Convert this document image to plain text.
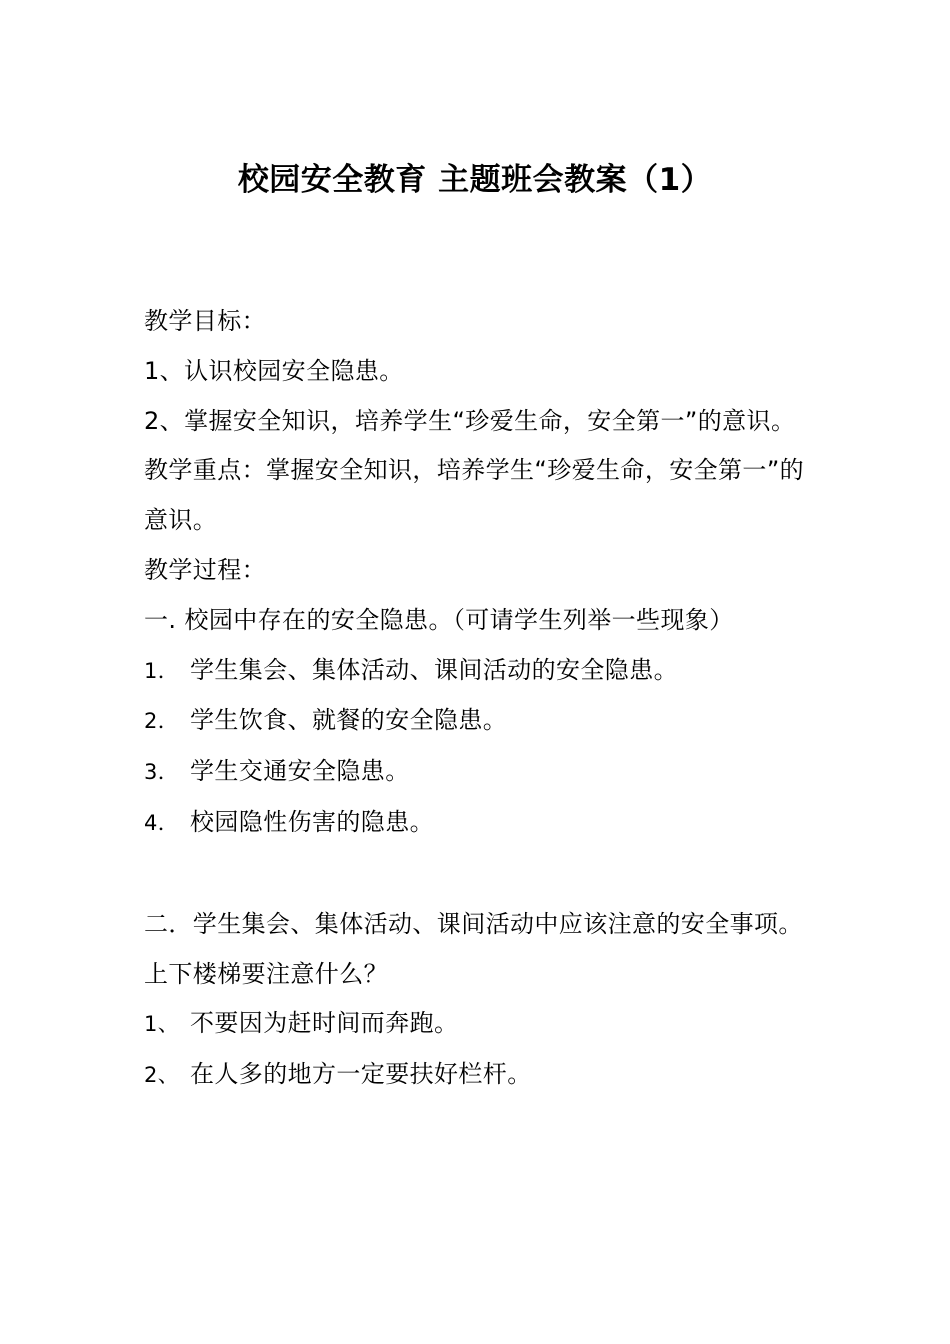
校园安全教育 主题班会教案（1）
教学目标：
1、认识校园安全隐患。
2、掌握安全知识，培养学生“珍爱生命，安全第一”的意识。
教学重点：掌握安全知识，培养学生“珍爱生命，安全第一”的意识。
教学过程：
一. 校园中存在的安全隐患。（可请学生列举一些现象）
1． 学生集会、集体活动、课间活动的安全隐患。
2． 学生饮食、就餐的安全隐患。
3． 学生交通安全隐患。
4． 校园隐性伤害的隐患。
二．学生集会、集体活动、课间活动中应该注意的安全事项。
上下楼梯要注意什么？
1、 不要因为赶时间而奔跑。
2、 在人多的地方一定要扶好栏杆。
